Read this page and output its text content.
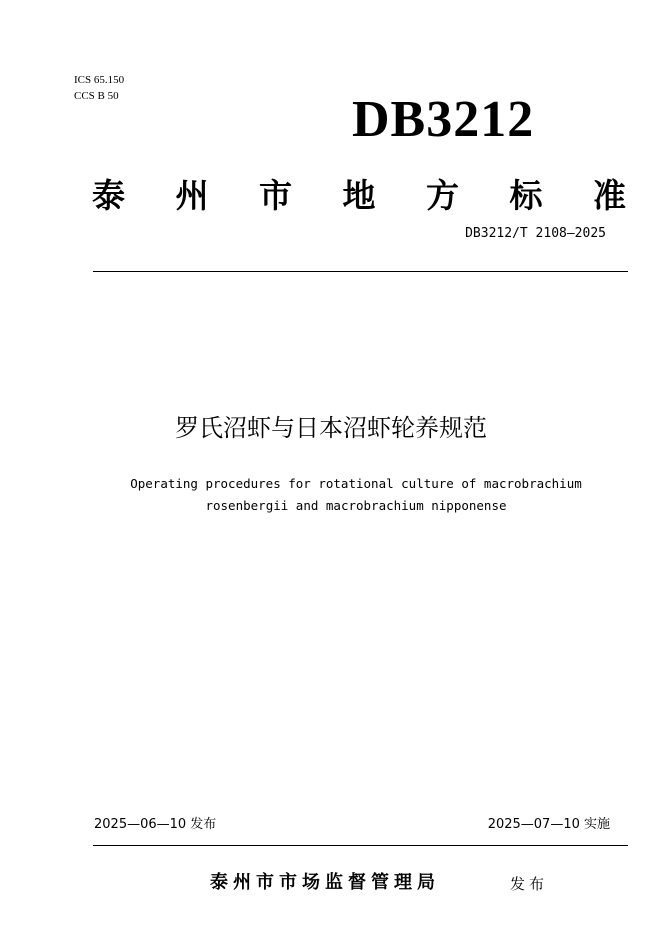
ICS 65.150
CCS B 50	DB3212
泰 州 市 地 方 标 准
DB3212/T 2108—2025
罗氏沼虾与日本沼虾轮养规范
Operating procedures for rotational culture of macrobrachium
rosenbergii and macrobrachium nipponense
2025—06—10 发布	2025—07—10 实施
泰州市市场监督管理局	发布
